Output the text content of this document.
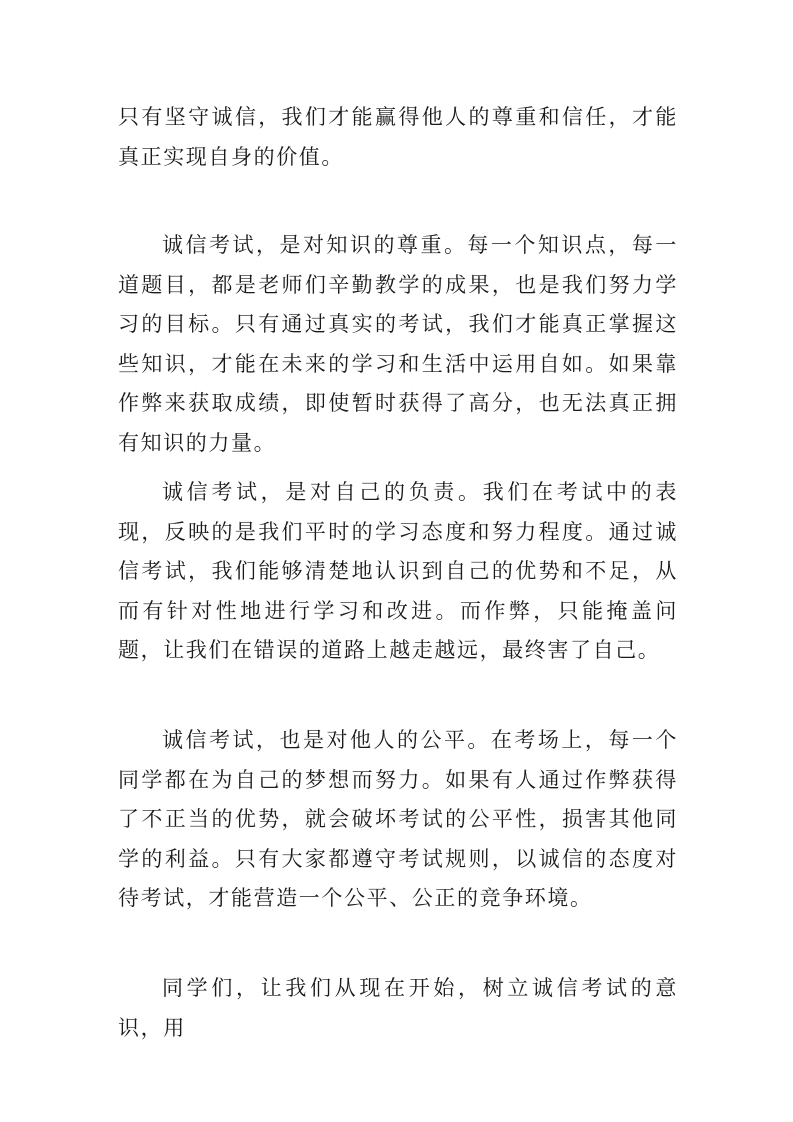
只有坚守诚信，我们才能赢得他人的尊重和信任，才能真正实现自身的价值。

诚信考试，是对知识的尊重。每一个知识点，每一道题目，都是老师们辛勤教学的成果，也是我们努力学习的目标。只有通过真实的考试，我们才能真正掌握这些知识，才能在未来的学习和生活中运用自如。如果靠作弊来获取成绩，即使暂时获得了高分，也无法真正拥有知识的力量。

诚信考试，是对自己的负责。我们在考试中的表现，反映的是我们平时的学习态度和努力程度。通过诚信考试，我们能够清楚地认识到自己的优势和不足，从而有针对性地进行学习和改进。而作弊，只能掩盖问题，让我们在错误的道路上越走越远，最终害了自己。

诚信考试，也是对他人的公平。在考场上，每一个同学都在为自己的梦想而努力。如果有人通过作弊获得了不正当的优势，就会破坏考试的公平性，损害其他同学的利益。只有大家都遵守考试规则，以诚信的态度对待考试，才能营造一个公平、公正的竞争环境。

同学们，让我们从现在开始，树立诚信考试的意识，用
